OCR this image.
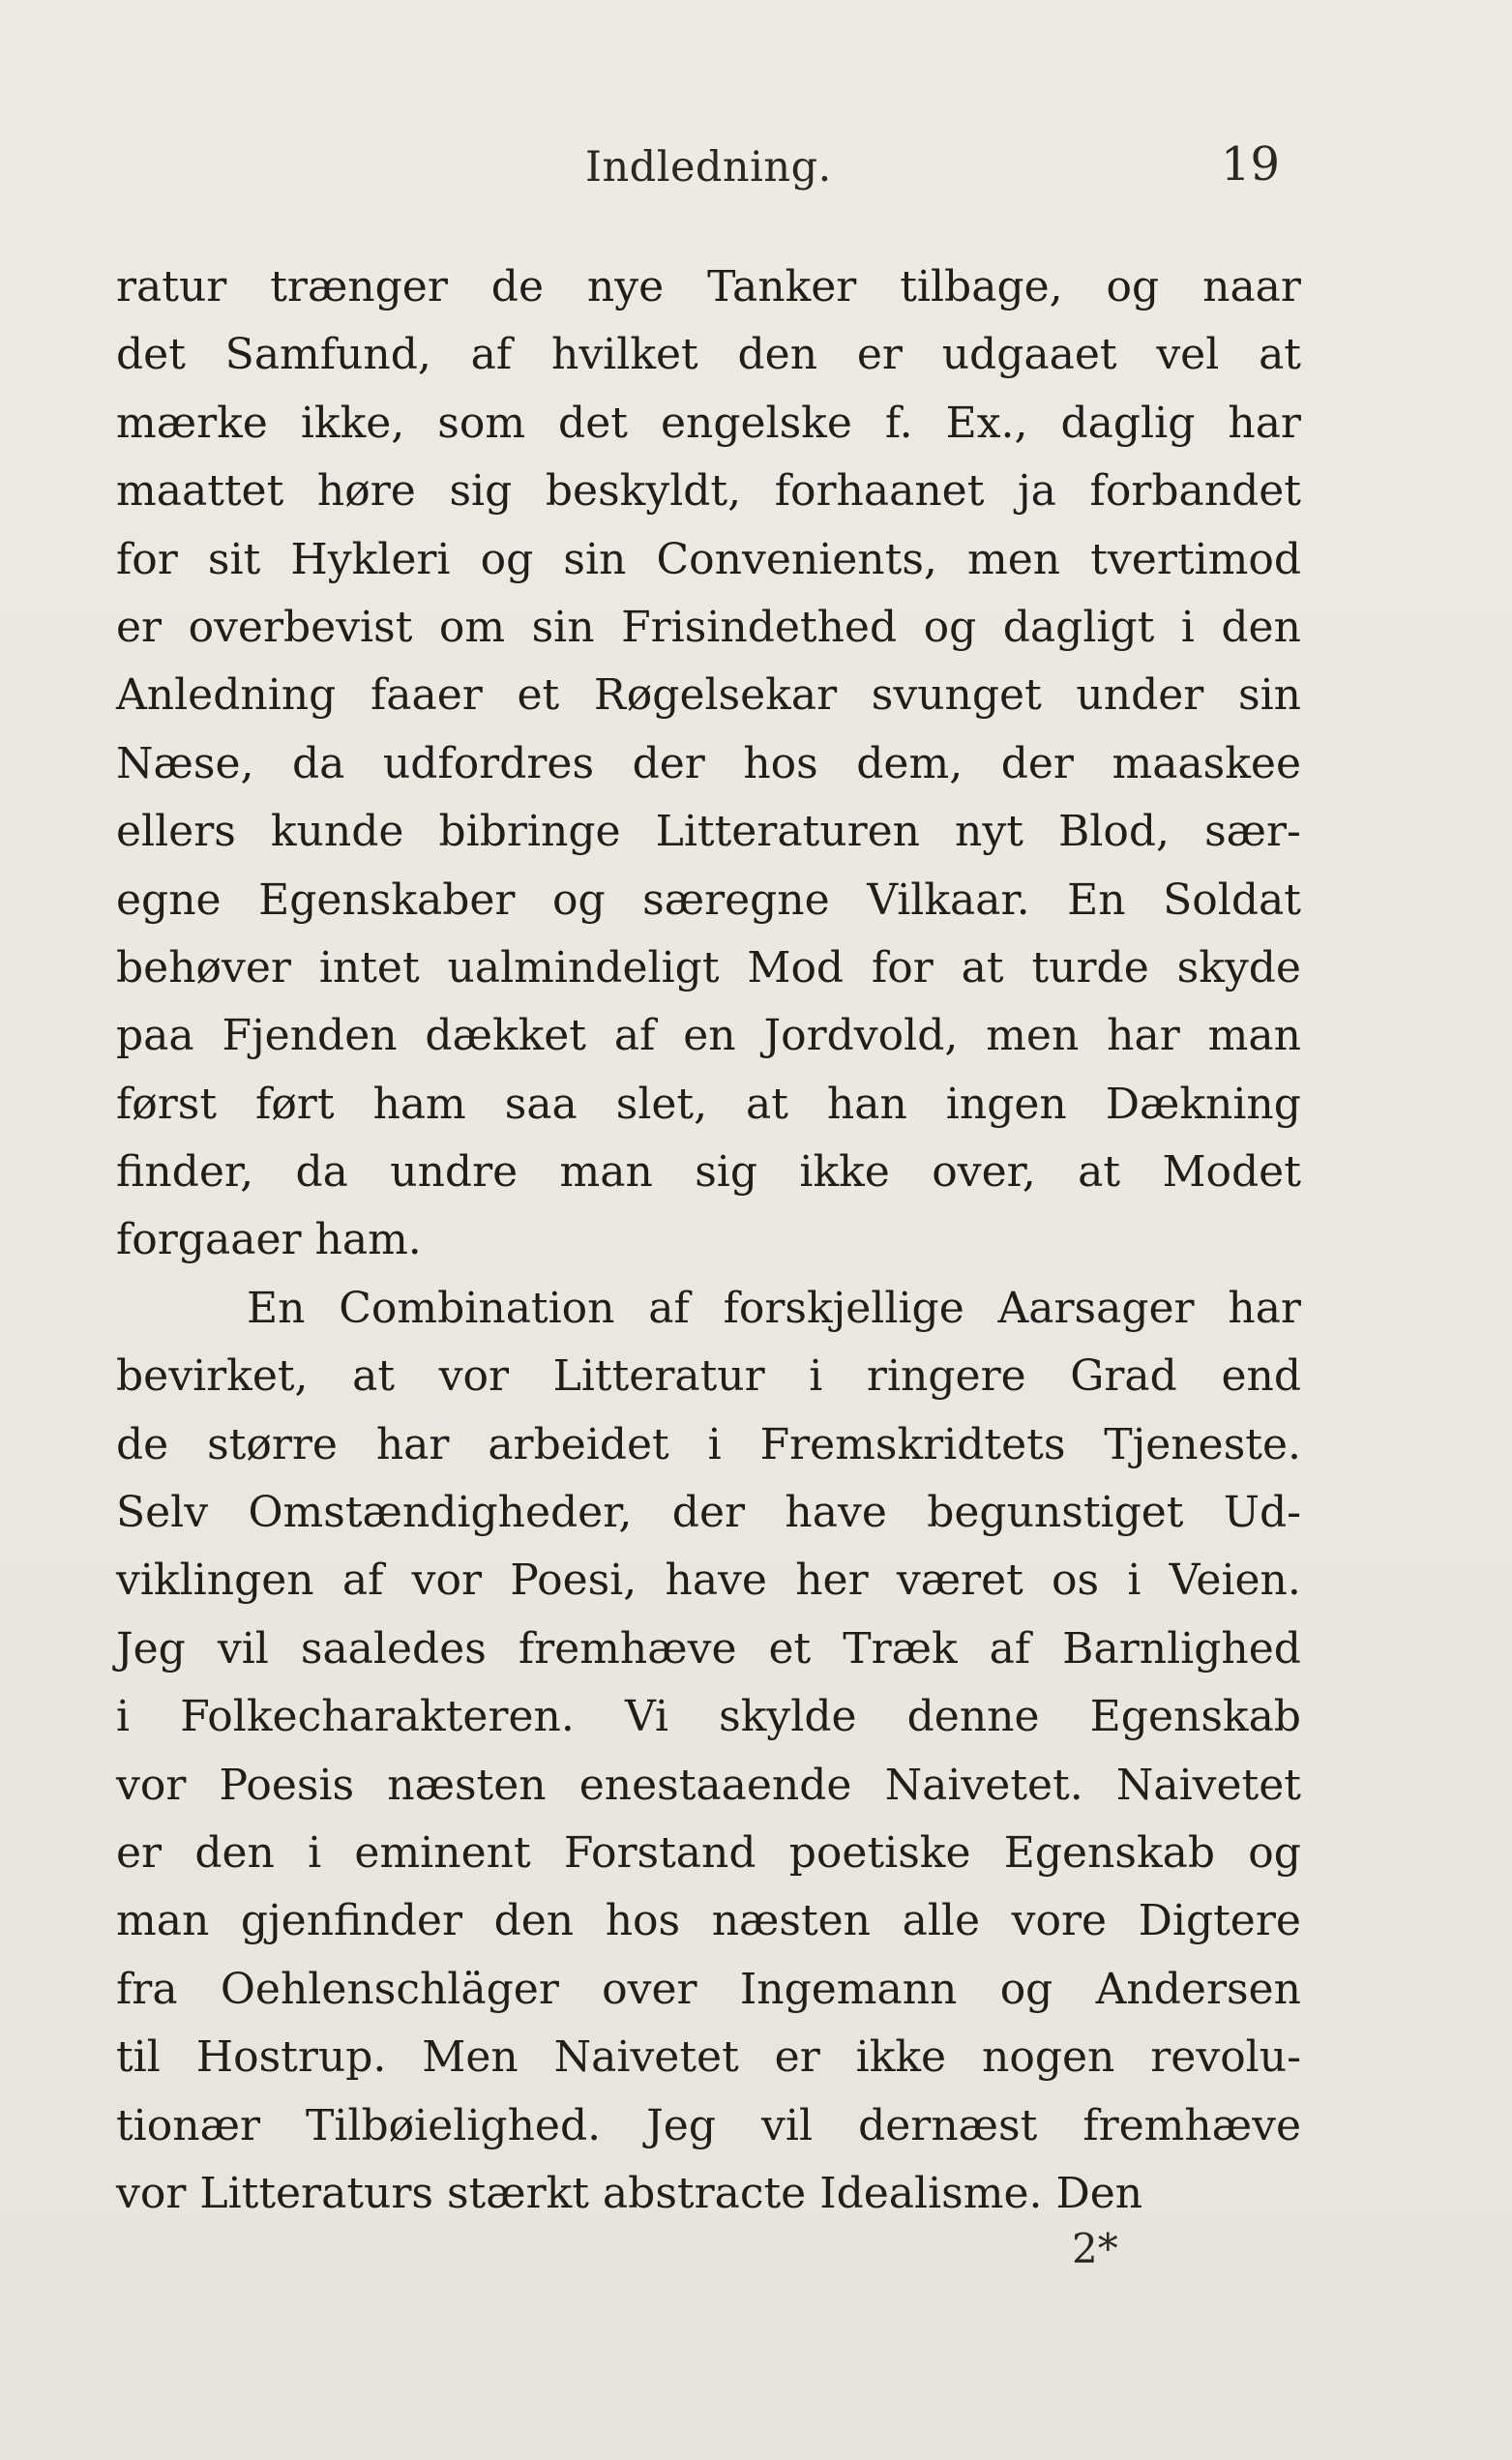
Indledning.	19
ratur trænger de nye Tanker tilbage, og naar
det Samfund, af hvilket den er udgaaet vel at
mærke ikke, som det engelske f. Ex., daglig har
maattet høre sig beskyldt, forhaanet ja forbandet
for sit Hykleri og sin Convenients, men tvertimod
er overbevist om sin Frisindethed og dagligt i den
Anledning faaer et Røgelsekar svunget under sin
Næse, da udfordres der hos dem, der maaskee
ellers kunde bibringe Litteraturen nyt Blod, sær-
egne Egenskaber og særegne Vilkaar. En Soldat
behøver intet ualmindeligt Mod for at turde skyde
paa Fjenden dækket af en Jordvold, men har man
først ført ham saa slet, at han ingen Dækning
finder, da undre man sig ikke over, at Modet
forgaaer ham.
En Combination af forskjellige Aarsager har
bevirket, at vor Litteratur i ringere Grad end
de større har arbeidet i Fremskridtets Tjeneste.
Selv Omstændigheder, der have begunstiget Ud-
viklingen af vor Poesi, have her været os i Veien.
Jeg vil saaledes fremhæve et Træk af Barnlighed
i Folkecharakteren. Vi skylde denne Egenskab
vor Poesis næsten enestaaende Naivetet. Naivetet
er den i eminent Forstand poetiske Egenskab og
man gjenfinder den hos næsten alle vore Digtere
fra Oehlenschläger over Ingemann og Andersen
til Hostrup. Men Naivetet er ikke nogen revolu-
tionær Tilbøielighed. Jeg vil dernæst fremhæve
vor Litteraturs stærkt abstracte Idealisme. Den
2*
